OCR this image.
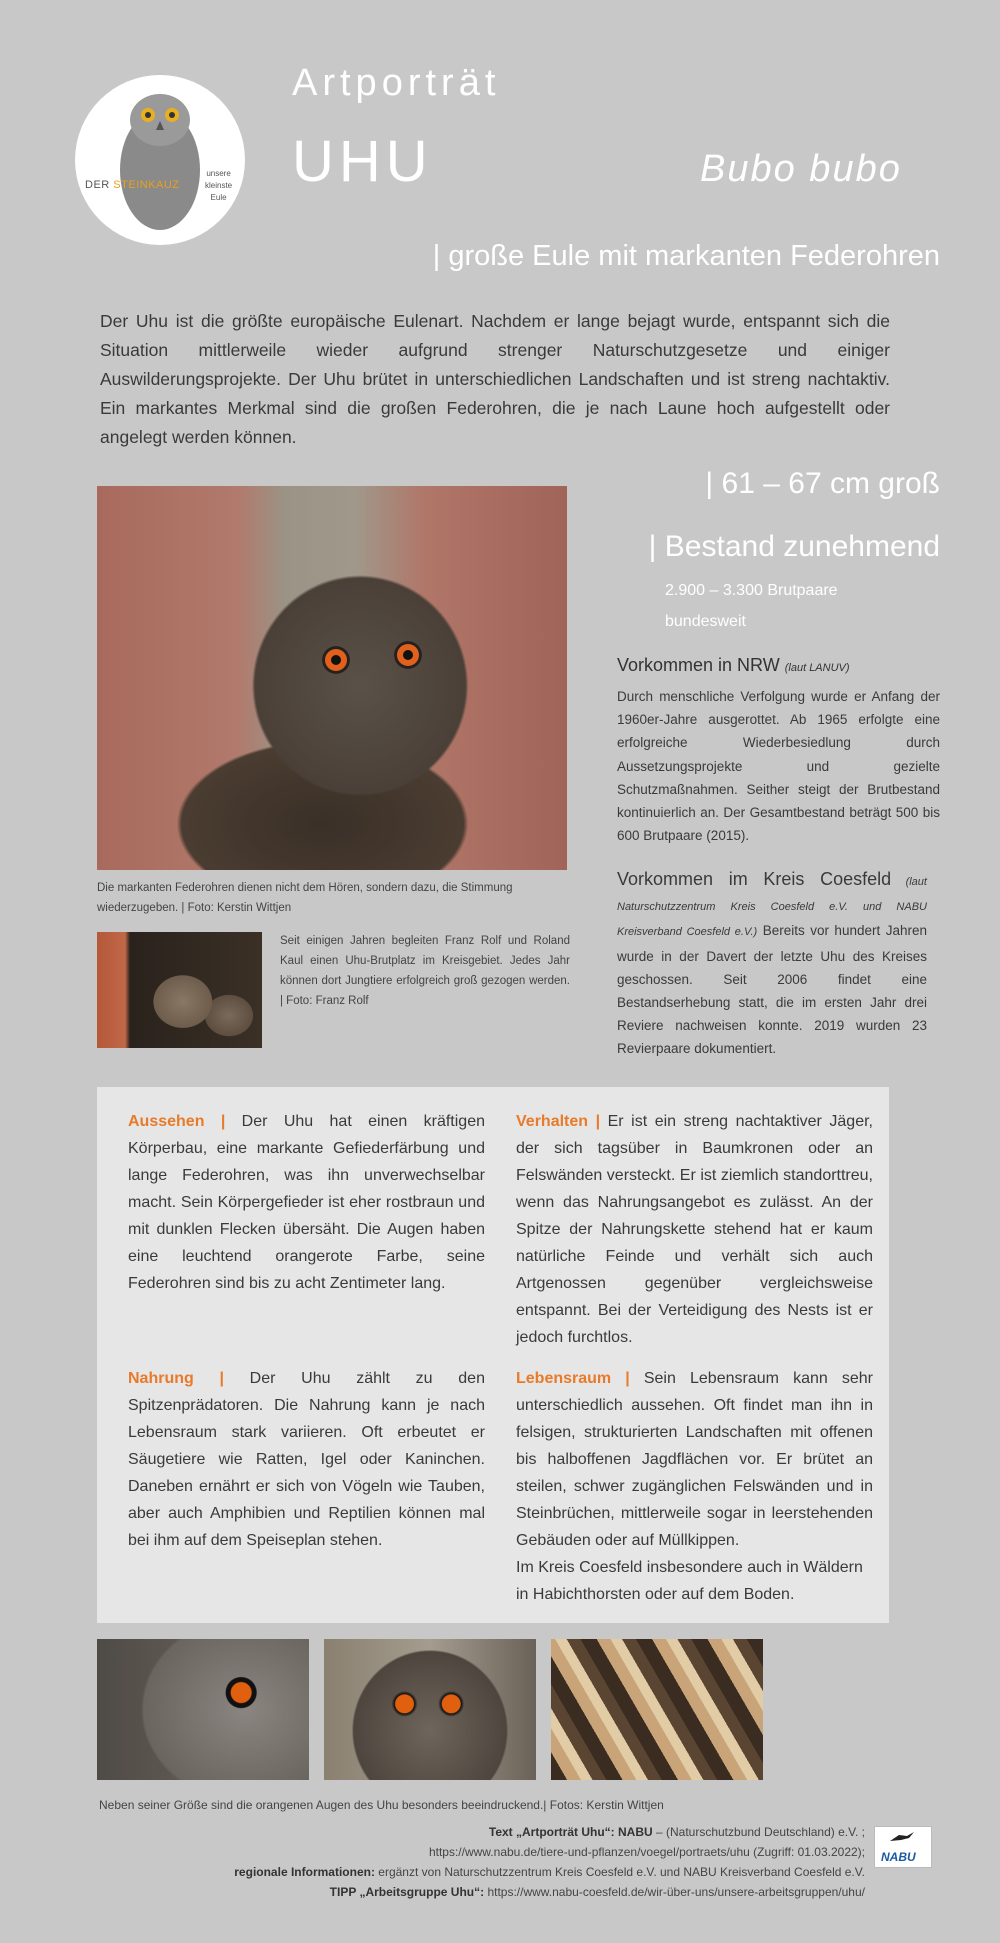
DER STEINKAUZ
unsere
kleinste
Eule
Artporträt
UHU	Bubo bubo
| große Eule mit markanten Federohren
Der Uhu ist die größte europäische Eulenart. Nachdem er lange bejagt wurde, entspannt sich die Situation mittlerweile wieder aufgrund strenger Naturschutzgesetze und einiger Auswilderungsprojekte. Der Uhu brütet in unterschiedlichen Landschaften und ist streng nachtaktiv. Ein markantes Merkmal sind die großen Federohren, die je nach Laune hoch aufgestellt oder angelegt werden können.
Die markanten Federohren dienen nicht dem Hören, sondern dazu, die Stimmung wiederzugeben. | Foto: Kerstin Wittjen
Seit einigen Jahren begleiten Franz Rolf und Roland Kaul einen Uhu-Brutplatz im Kreisgebiet. Jedes Jahr können dort Jungtiere erfolgreich groß gezogen werden. | Foto: Franz Rolf
| 61 – 67 cm groß
| Bestand zunehmend
2.900 – 3.300 Brutpaare
bundesweit
Vorkommen in NRW (laut LANUV)
Durch menschliche Verfolgung wurde er Anfang der 1960er-Jahre ausgerottet. Ab 1965 erfolgte eine erfolgreiche Wiederbesiedlung durch Aussetzungsprojekte und gezielte Schutzmaßnahmen. Seither steigt der Brutbestand kontinuierlich an. Der Gesamtbestand beträgt 500 bis 600 Brutpaare (2015).
Vorkommen im Kreis Coesfeld (laut Naturschutzzentrum Kreis Coesfeld e.V. und NABU Kreisverband Coesfeld e.V.) Bereits vor hundert Jahren wurde in der Davert der letzte Uhu des Kreises geschossen. Seit 2006 findet eine Bestandserhebung statt, die im ersten Jahr drei Reviere nachweisen konnte. 2019 wurden 23 Revierpaare dokumentiert.
Aussehen | Der Uhu hat einen kräftigen Körperbau, eine markante Gefiederfärbung und lange Federohren, was ihn unverwechselbar macht. Sein Körpergefieder ist eher rostbraun und mit dunklen Flecken übersäht. Die Augen haben eine leuchtend orangerote Farbe, seine Federohren sind bis zu acht Zentimeter lang.
Verhalten | Er ist ein streng nachtaktiver Jäger, der sich tagsüber in Baumkronen oder an Felswänden versteckt. Er ist ziemlich standorttreu, wenn das Nahrungsangebot es zulässt. An der Spitze der Nahrungskette stehend hat er kaum natürliche Feinde und verhält sich auch Artgenossen gegenüber vergleichsweise entspannt. Bei der Verteidigung des Nests ist er jedoch furchtlos.
Nahrung | Der Uhu zählt zu den Spitzenprädatoren. Die Nahrung kann je nach Lebensraum stark variieren. Oft erbeutet er Säugetiere wie Ratten, Igel oder Kaninchen. Daneben ernährt er sich von Vögeln wie Tauben, aber auch Amphibien und Reptilien können mal bei ihm auf dem Speiseplan stehen.
Lebensraum | Sein Lebensraum kann sehr unterschiedlich aussehen. Oft findet man ihn in felsigen, strukturierten Landschaften mit offenen bis halboffenen Jagdflächen vor. Er brütet an steilen, schwer zugänglichen Felswänden und in Steinbrüchen, mittlerweile sogar in leerstehenden Gebäuden oder auf Müllkippen.
Im Kreis Coesfeld insbesondere auch in Wäldern in Habichthorsten oder auf dem Boden.
Neben seiner Größe sind die orangenen Augen des Uhu besonders beeindruckend.| Fotos: Kerstin Wittjen
Text „Artporträt Uhu“: NABU – (Naturschutzbund Deutschland) e.V. ;
https://www.nabu.de/tiere-und-pflanzen/voegel/portraets/uhu (Zugriff: 01.03.2022);
regionale Informationen: ergänzt von Naturschutzzentrum Kreis Coesfeld e.V. und NABU Kreisverband Coesfeld e.V.
TIPP „Arbeitsgruppe Uhu“: https://www.nabu-coesfeld.de/wir-über-uns/unsere-arbeitsgruppen/uhu/
NABU
